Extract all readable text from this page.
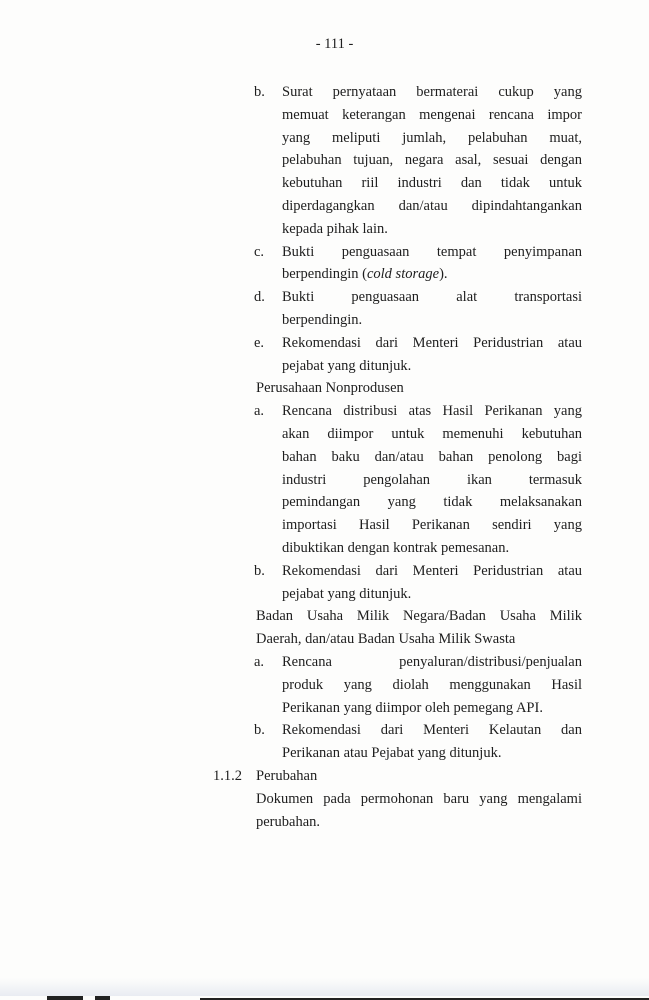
- 111 -
b. Surat pernyataan bermaterai cukup yang
memuat keterangan mengenai rencana impor
yang meliputi jumlah, pelabuhan muat,
pelabuhan tujuan, negara asal, sesuai dengan
kebutuhan riil industri dan tidak untuk
diperdagangkan dan/atau dipindahtangankan
kepada pihak lain.
c. Bukti penguasaan tempat penyimpanan
berpendingin (cold storage).
d. Bukti penguasaan alat transportasi
berpendingin.
e. Rekomendasi dari Menteri Peridustrian atau
pejabat yang ditunjuk.
Perusahaan Nonprodusen
a. Rencana distribusi atas Hasil Perikanan yang
akan diimpor untuk memenuhi kebutuhan
bahan baku dan/atau bahan penolong bagi
industri pengolahan ikan termasuk
pemindangan yang tidak melaksanakan
importasi Hasil Perikanan sendiri yang
dibuktikan dengan kontrak pemesanan.
b. Rekomendasi dari Menteri Peridustrian atau
pejabat yang ditunjuk.
Badan Usaha Milik Negara/Badan Usaha Milik
Daerah, dan/atau Badan Usaha Milik Swasta
a. Rencana penyaluran/distribusi/penjualan
produk yang diolah menggunakan Hasil
Perikanan yang diimpor oleh pemegang API.
b. Rekomendasi dari Menteri Kelautan dan
Perikanan atau Pejabat yang ditunjuk.
1.1.2 Perubahan
Dokumen pada permohonan baru yang mengalami
perubahan.
